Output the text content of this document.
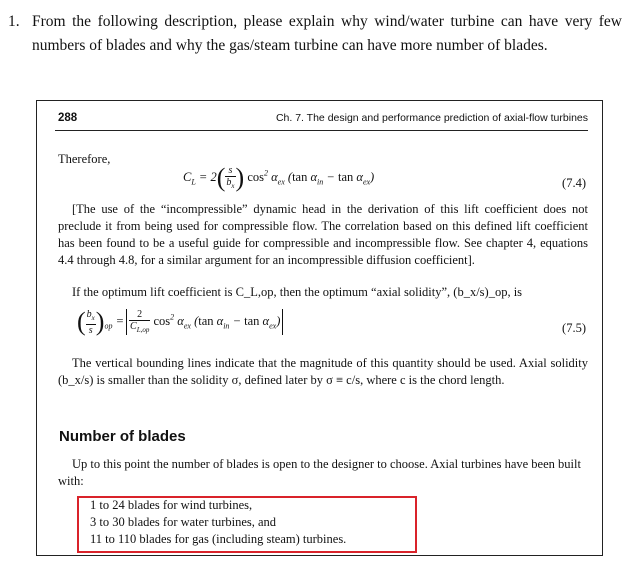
1. From the following description, please explain why wind/water turbine can have very few numbers of blades and why the gas/steam turbine can have more number of blades.
288	Ch. 7. The design and performance prediction of axial-flow turbines
Therefore,
$C_L = 2( \frac{s}{b_x}$ ) $\cos^2 \alpha_{ex}$ (tan $\alpha_{in} - \tan \alpha_{ex}$)	(7.4)
[The use of the “incompressible” dynamic head in the derivation of this lift coefficient does not preclude it from being used for compressible flow. The correlation based on this defined lift coefficient has been found to be a useful guide for compressible and incompressible flow. See chapter 4, equations 4.4 through 4.8, for a similar argument for an incompressible diffusion coefficient].
If the optimum lift coefficient is C_L,op, then the optimum “axial solidity”, (b_x/s)_op, is
( $\frac{b_x}{s} )_{op} = \frac{2}{C_{L,op}} \cos^2 \alpha_{ex}$ (tan $\alpha_{in} - \tan \alpha_{ex}$)
(7.5)
The vertical bounding lines indicate that the magnitude of this quantity should be used. Axial solidity (b_x/s) is smaller than the solidity σ, defined later by σ ≡ c/s, where c is the chord length.
Number of blades
Up to this point the number of blades is open to the designer to choose. Axial turbines have been built with:
1 to 24 blades for wind turbines,
3 to 30 blades for water turbines, and
11 to 110 blades for gas (including steam) turbines.
